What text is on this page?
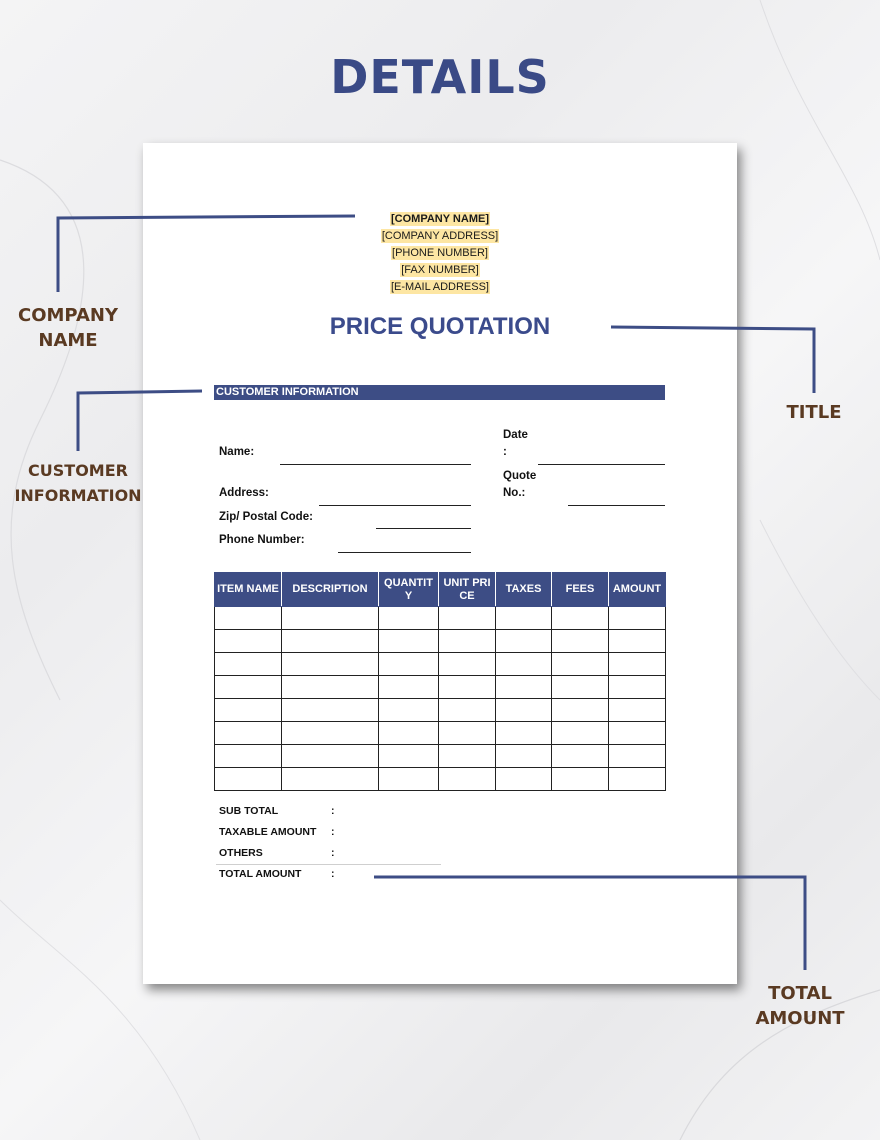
DETAILS
[COMPANY NAME]
[COMPANY ADDRESS]
[PHONE NUMBER]
[FAX NUMBER]
[E-MAIL ADDRESS]
PRICE QUOTATION
CUSTOMER INFORMATION
Name:
Address:
Zip/ Postal Code:
Phone Number:
Date
:
Quote
No.:
ITEM NAME	DESCRIPTION	QUANTITY	UNIT PRICE	TAXES	FEES	AMOUNT

SUB TOTAL	:
TAXABLE AMOUNT :
OTHERS	:
TOTAL AMOUNT	:
COMPANY
NAME
TITLE
CUSTOMER
INFORMATION
TOTAL
AMOUNT
